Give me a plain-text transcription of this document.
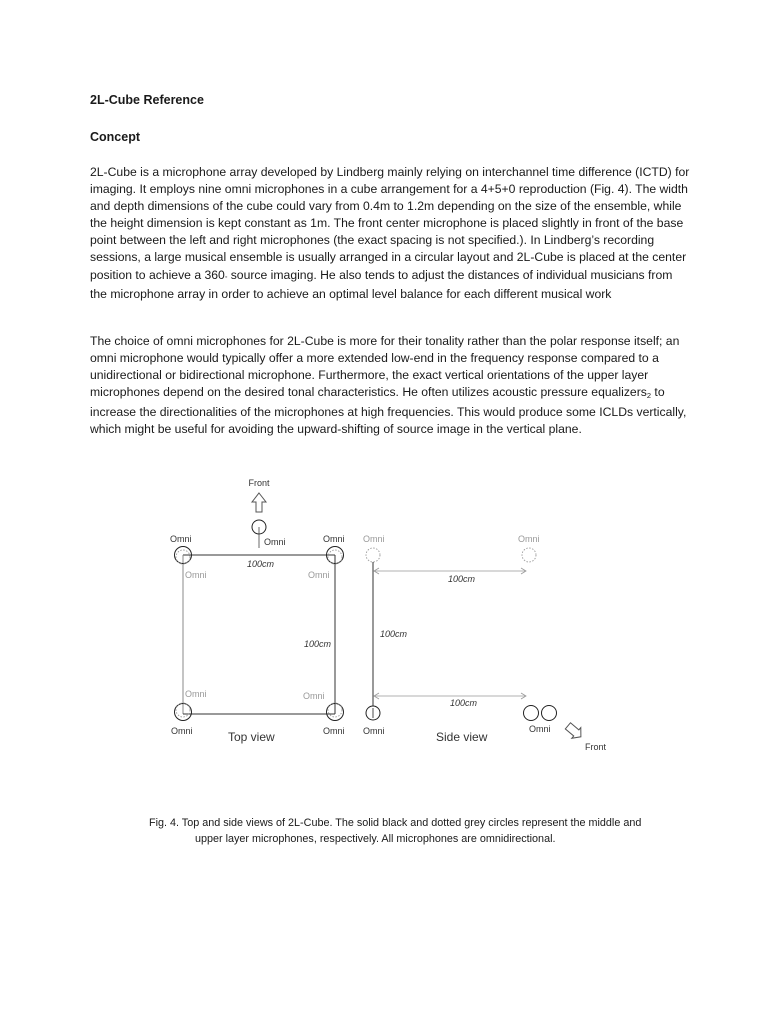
2L-Cube Reference

Concept

2L-Cube is a microphone array developed by Lindberg mainly relying on interchannel time difference (ICTD) for imaging. It employs nine omni microphones in a cube arrangement for a 4+5+0 reproduction (Fig. 4). The width and depth dimensions of the cube could vary from 0.4m to 1.2m depending on the size of the ensemble, while the height dimension is kept constant as 1m. The front center microphone is placed slightly in front of the base point between the left and right microphones (the exact spacing is not specified.). In Lindberg’s recording sessions, a large musical ensemble is usually arranged in a circular layout and 2L-Cube is placed at the center position to achieve a 360◦ source imaging. He also tends to adjust the distances of individual musicians from the microphone array in order to achieve an optimal level balance for each different musical work

The choice of omni microphones for 2L-Cube is more for their tonality rather than the polar response itself; an omni microphone would typically offer a more extended low-end in the frequency response compared to a unidirectional or bidirectional microphone. Furthermore, the exact vertical orientations of the upper layer microphones depend on the desired tonal characteristics. He often utilizes acoustic pressure equalizers$_2$ to increase the directionalities of the microphones at high frequencies. This would produce some ICLDs vertically, which might be useful for avoiding the upward-shifting of source image in the vertical plane.

Front
Omni
Omni	Omni
Omni	Omni
Omni	Omni
Omni	Omni
100cm
100cm
Top view
Omni	Omni
100cm
100cm
100cm
Omni	Omni
Front
Side view

Fig. 4. Top and side views of 2L-Cube. The solid black and dotted grey circles represent the middle and
upper layer microphones, respectively. All microphones are omnidirectional.
